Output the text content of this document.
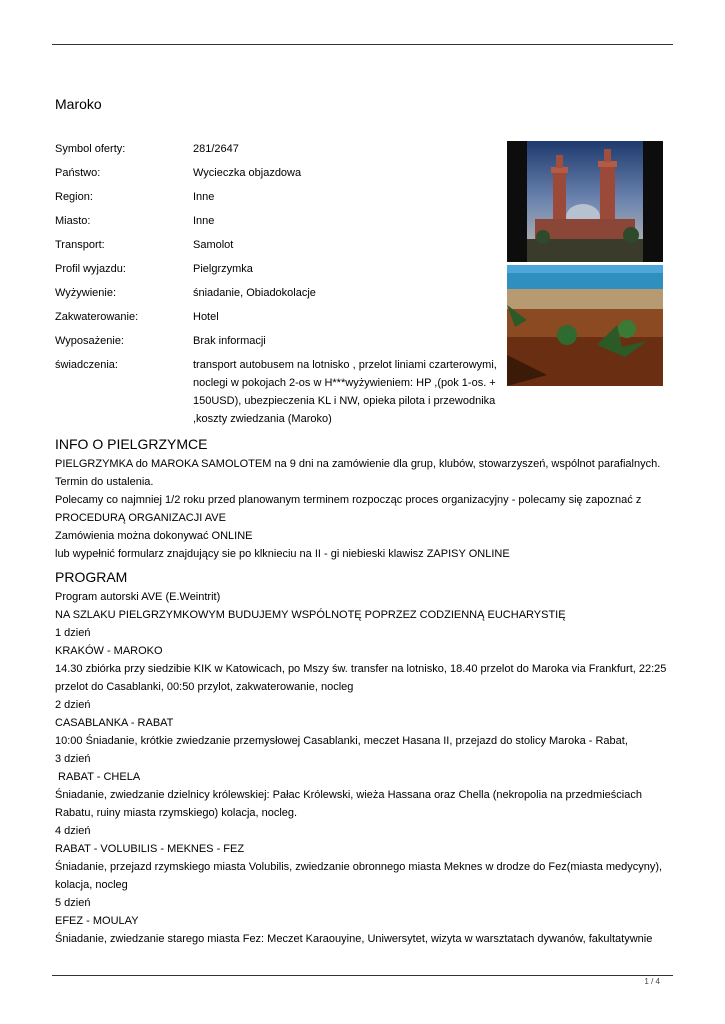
Maroko
Symbol oferty:	281/2647
Państwo:	Wycieczka objazdowa
Region:	Inne
Miasto:	Inne
Transport:	Samolot
Profil wyjazdu:	Pielgrzymka
Wyżywienie:	śniadanie, Obiadokolacje
Zakwaterowanie:	Hotel
Wyposażenie:	Brak informacji
świadczenia:	transport autobusem na lotnisko , przelot liniami czarterowymi,
noclegi w pokojach 2-os w H***wyżywieniem: HP ,(pok 1-os. +
150USD), ubezpieczenia KL i NW, opieka pilota i przewodnika
,koszty zwiedzania (Maroko)
INFO O PIELGRZYMCE

PIELGRZYMKA do MAROKA SAMOLOTEM na 9 dni na zamówienie dla grup, klubów, stowarzyszeń, wspólnot parafialnych.

Termin do ustalenia.

Polecamy co najmniej 1/2 roku przed planowanym terminem rozpocząc proces organizacyjny - polecamy się zapoznać z

PROCEDURĄ ORGANIZACJI AVE

Zamówienia można dokonywać ONLINE

lub wypełnić formularz znajdujący sie po klknieciu na II - gi niebieski klawisz ZAPISY ONLINE

PROGRAM

Program autorski AVE (E.Weintrit)

NA SZLAKU PIELGRZYMKOWYM BUDUJEMY WSPÓLNOTĘ POPRZEZ CODZIENNĄ EUCHARYSTIĘ

1 dzień

KRAKÓW - MAROKO

14.30 zbiórka przy siedzibie KIK w Katowicach, po Mszy św. transfer na lotnisko, 18.40 przelot do Maroka via Frankfurt, 22:25

przelot do Casablanki, 00:50 przylot, zakwaterowanie, nocleg

2 dzień

CASABLANKA - RABAT

10:00 Śniadanie, krótkie zwiedzanie przemysłowej Casablanki, meczet Hasana II, przejazd do stolicy Maroka - Rabat,

3 dzień

RABAT - CHELA

Śniadanie, zwiedzanie dzielnicy królewskiej: Pałac Królewski, wieża Hassana oraz Chella (nekropolia na przedmieściach

Rabatu, ruiny miasta rzymskiego) kolacja, nocleg.

4 dzień

RABAT - VOLUBILIS - MEKNES - FEZ

Śniadanie, przejazd rzymskiego miasta Volubilis, zwiedzanie obronnego miasta Meknes w drodze do Fez(miasta medycyny),

kolacja, nocleg

5 dzień

EFEZ - MOULAY

Śniadanie, zwiedzanie starego miasta Fez: Meczet Karaouyine, Uniwersytet, wizyta w warsztatach dywanów, fakultatywnie

1 / 4
